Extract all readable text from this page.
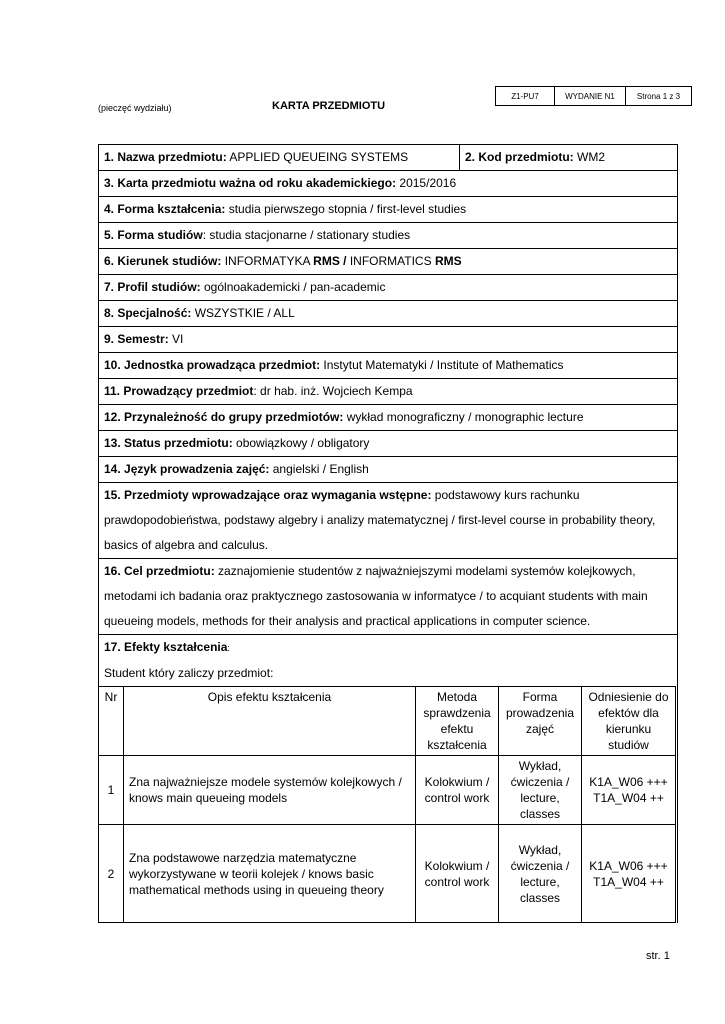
Z1-PU7	WYDANIE N1	Strona 1 z 3
(pieczęć wydziału)	KARTA PRZEDMIOTU
1. Nazwa przedmiotu: APPLIED QUEUEING SYSTEMS	2. Kod przedmiotu: WM2
3. Karta przedmiotu ważna od roku akademickiego: 2015/2016
4. Forma kształcenia: studia pierwszego stopnia / first-level studies
5. Forma studiów: studia stacjonarne / stationary studies
6. Kierunek studiów: INFORMATYKA RMS / INFORMATICS RMS
7. Profil studiów: ogólnoakademicki / pan-academic
8. Specjalność: WSZYSTKIE / ALL
9. Semestr: VI
10. Jednostka prowadząca przedmiot: Instytut Matematyki / Institute of Mathematics
11. Prowadzący przedmiot: dr hab. inż. Wojciech Kempa
12. Przynależność do grupy przedmiotów: wykład monograficzny / monographic lecture
13. Status przedmiotu: obowiązkowy / obligatory
14. Język prowadzenia zajęć: angielski / English
15. Przedmioty wprowadzające oraz wymagania wstępne: podstawowy kurs rachunku prawdopodobieństwa, podstawy algebry i analizy matematycznej / first-level course in probability theory, basics of algebra and calculus.
16. Cel przedmiotu: zaznajomienie studentów z najważniejszymi modelami systemów kolejkowych, metodami ich badania oraz praktycznego zastosowania w informatyce / to acquiant students with main queueing models, methods for their analysis and practical applications in computer science.
17. Efekty kształcenia:
Student który zaliczy przedmiot:
Nr	Opis efektu kształcenia	Metoda sprawdzenia efektu kształcenia	Forma prowadzenia zajęć	Odniesienie do efektów dla kierunku studiów
1	Zna najważniejsze modele systemów kolejkowych / knows main queueing models	Kolokwium / control work	Wykład, ćwiczenia / lecture, classes	K1A_W06 +++ T1A_W04 ++
2	Zna podstawowe narzędzia matematyczne wykorzystywane w teorii kolejek / knows basic mathematical methods using in queueing theory	Kolokwium / control work	Wykład, ćwiczenia / lecture, classes	K1A_W06 +++ T1A_W04 ++
str. 1
